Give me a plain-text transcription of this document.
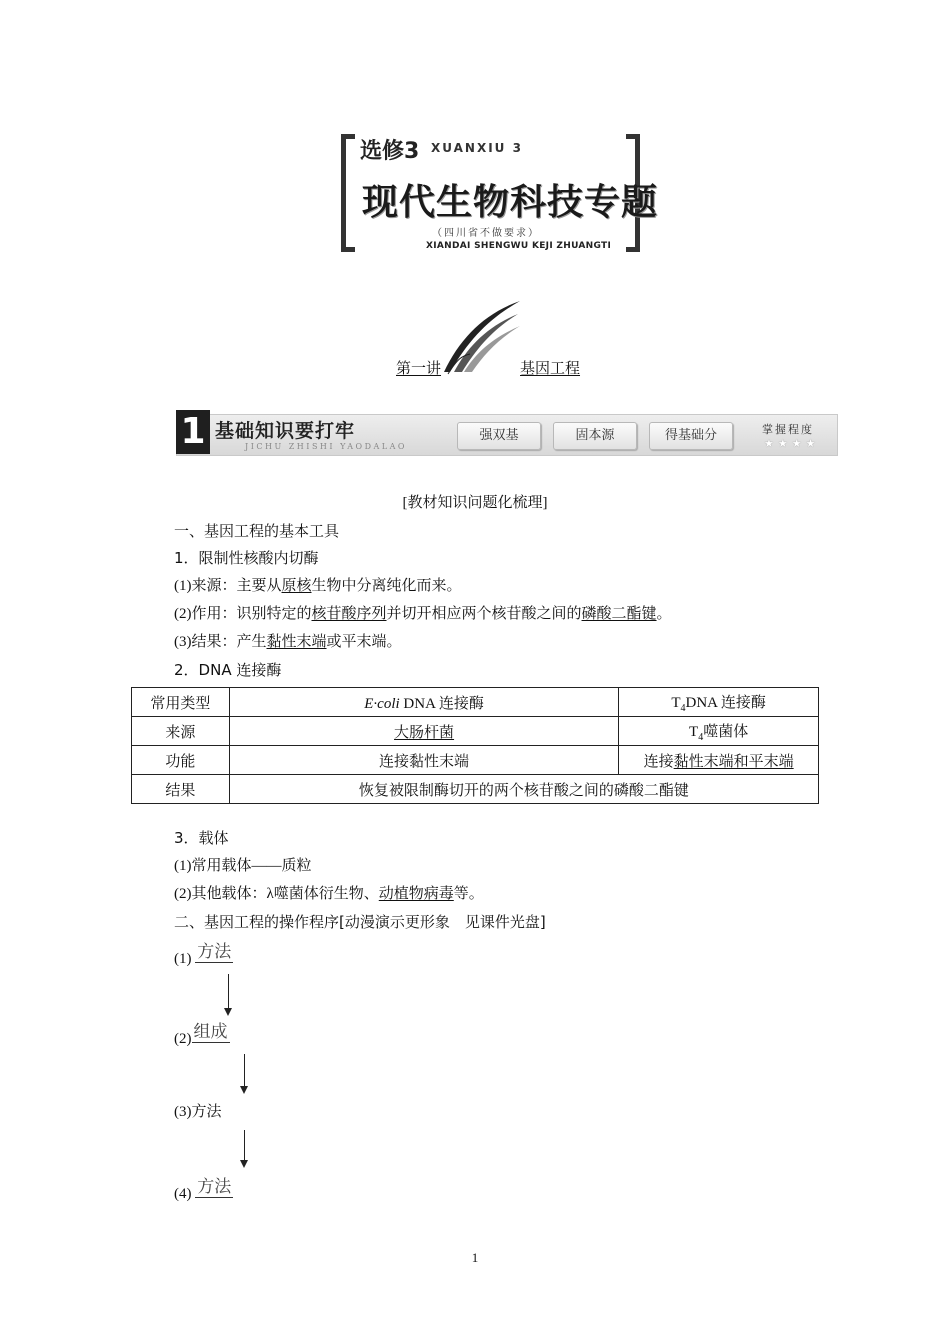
选修3 XUANXIU 3
现代生物科技专题
（四川省不做要求）
XIANDAI SHENGWU KEJI ZHUANGTI
第一讲	基因工程
1 基础知识要打牢
JICHU ZHISHI YAODALAO
强双基	固本源	得基础分	掌握程度
★★★★
[教材知识问题化梳理]
一、基因工程的基本工具
1．限制性核酸内切酶
(1)来源：主要从原核生物中分离纯化而来。
(2)作用：识别特定的核苷酸序列并切开相应两个核苷酸之间的磷酸二酯键。
(3)结果：产生黏性末端或平末端。
2．DNA 连接酶
常用类型	E·coli DNA 连接酶	$T_4DNA$ 连接酶
来源	大肠杆菌	$T_4$噬菌体
功能	连接黏性末端	连接黏性末端和平末端
结果	恢复被限制酶切开的两个核苷酸之间的磷酸二酯键	
3．载体
(1)常用载体——质粒
(2)其他载体：λ噬菌体衍生物、动植物病毒等。
二、基因工程的操作程序[动漫演示更形象　见课件光盘]
(1) 方法
(2) 组成
(3)方法
(4) 方法
1
